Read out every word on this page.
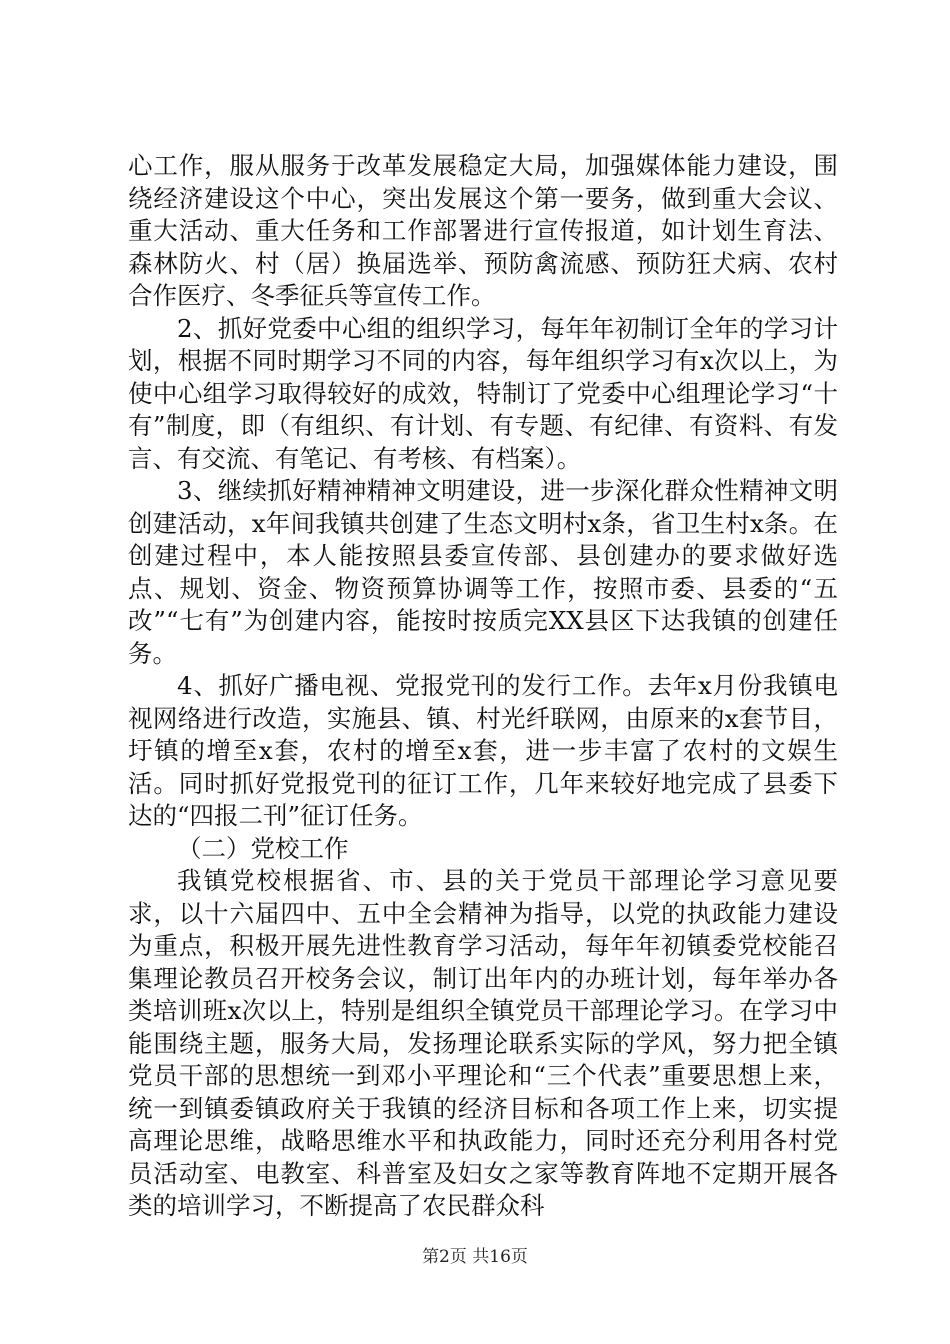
心工作，服从服务于改革发展稳定大局，加强媒体能力建设，围绕经济建设这个中心，突出发展这个第一要务，做到重大会议、重大活动、重大任务和工作部署进行宣传报道，如计划生育法、森林防火、村（居）换届选举、预防禽流感、预防狂犬病、农村合作医疗、冬季征兵等宣传工作。

2、抓好党委中心组的组织学习，每年年初制订全年的学习计划，根据不同时期学习不同的内容，每年组织学习有x次以上，为使中心组学习取得较好的成效，特制订了党委中心组理论学习“十有”制度，即（有组织、有计划、有专题、有纪律、有资料、有发言、有交流、有笔记、有考核、有档案）。

3、继续抓好精神精神文明建设，进一步深化群众性精神文明创建活动，x年间我镇共创建了生态文明村x条，省卫生村x条。在创建过程中，本人能按照县委宣传部、县创建办的要求做好选点、规划、资金、物资预算协调等工作，按照市委、县委的“五改”“七有”为创建内容，能按时按质完XX县区下达我镇的创建任务。

4、抓好广播电视、党报党刊的发行工作。去年x月份我镇电视网络进行改造，实施县、镇、村光纤联网，由原来的x套节目，圩镇的增至x套，农村的增至x套，进一步丰富了农村的文娱生活。同时抓好党报党刊的征订工作，几年来较好地完成了县委下达的“四报二刊”征订任务。

（二）党校工作

我镇党校根据省、市、县的关于党员干部理论学习意见要求，以十六届四中、五中全会精神为指导，以党的执政能力建设为重点，积极开展先进性教育学习活动，每年年初镇委党校能召集理论教员召开校务会议，制订出年内的办班计划，每年举办各类培训班x次以上，特别是组织全镇党员干部理论学习。在学习中能围绕主题，服务大局，发扬理论联系实际的学风，努力把全镇党员干部的思想统一到邓小平理论和“三个代表”重要思想上来，统一到镇委镇政府关于我镇的经济目标和各项工作上来，切实提高理论思维，战略思维水平和执政能力，同时还充分利用各村党员活动室、电教室、科普室及妇女之家等教育阵地不定期开展各类的培训学习，不断提高了农民群众科

第2页 共16页
